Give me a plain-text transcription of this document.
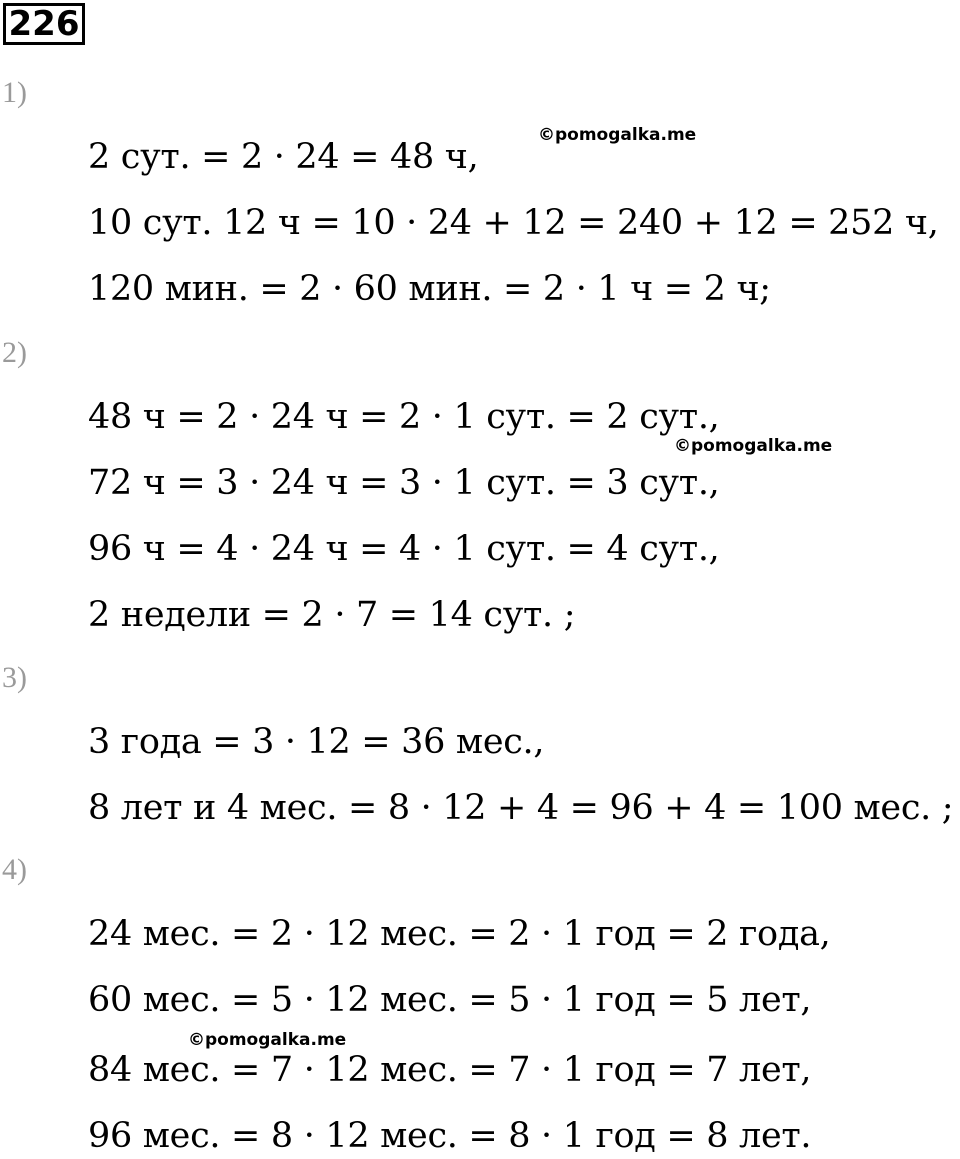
226
1)
2 сут. = 2 · 24 = 48 ч,
©pomogalka.me
10 сут. 12 ч = 10 · 24 + 12 = 240 + 12 = 252 ч,
120 мин. = 2 · 60 мин. = 2 · 1 ч = 2 ч;
2)
48 ч = 2 · 24 ч = 2 · 1 сут. = 2 сут.,
©pomogalka.me
72 ч = 3 · 24 ч = 3 · 1 сут. = 3 сут.,
96 ч = 4 · 24 ч = 4 · 1 сут. = 4 сут.,
2 недели = 2 · 7 = 14 сут. ;
3)
3 года = 3 · 12 = 36 мес.,
8 лет и 4 мес. = 8 · 12 + 4 = 96 + 4 = 100 мес. ;
4)
24 мес. = 2 · 12 мес. = 2 · 1 год = 2 года,
60 мес. = 5 · 12 мес. = 5 · 1 год = 5 лет,
©pomogalka.me
84 мес. = 7 · 12 мес. = 7 · 1 год = 7 лет,
96 мес. = 8 · 12 мес. = 8 · 1 год = 8 лет.
